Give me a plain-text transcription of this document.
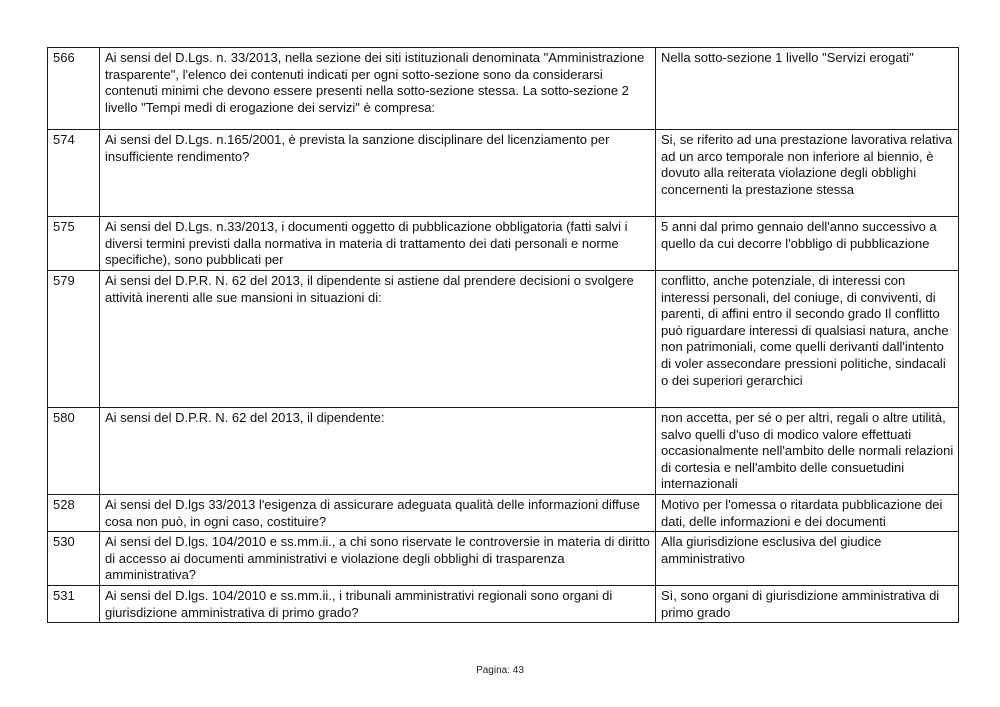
566	Ai sensi del D.Lgs. n. 33/2013, nella sezione dei siti istituzionali denominata "Amministrazione trasparente", l'elenco dei contenuti indicati per ogni sotto-sezione sono da considerarsi contenuti minimi che devono essere presenti nella sotto-sezione stessa. La sotto-sezione 2 livello "Tempi medi di erogazione dei servizi" è compresa:	Nella sotto-sezione 1 livello "Servizi erogati"
574	Ai sensi del D.Lgs. n.165/2001, è prevista la sanzione disciplinare del licenziamento per insufficiente rendimento?	Si, se riferito ad una prestazione lavorativa relativa ad un arco temporale non inferiore al biennio, è dovuto alla reiterata violazione degli obblighi concernenti la prestazione stessa
575	Ai sensi del D.Lgs. n.33/2013, i documenti oggetto di pubblicazione obbligatoria (fatti salvi i diversi termini previsti dalla normativa in materia di trattamento dei dati personali e norme specifiche), sono pubblicati per	5 anni dal primo gennaio dell'anno successivo a quello da cui decorre l'obbligo di pubblicazione
579	Ai sensi del D.P.R. N. 62 del 2013, il dipendente si astiene dal prendere decisioni o svolgere attività inerenti alle sue mansioni in situazioni di:	conflitto, anche potenziale, di interessi con interessi personali, del coniuge, di conviventi, di parenti, di affini entro il secondo grado Il conflitto può riguardare interessi di qualsiasi natura, anche non patrimoniali, come quelli derivanti dall'intento di voler assecondare pressioni politiche, sindacali o dei superiori gerarchici
580	Ai sensi del D.P.R. N. 62 del 2013, il dipendente:	non accetta, per sé o per altri, regali o altre utilità, salvo quelli d'uso di modico valore effettuati occasionalmente nell'ambito delle normali relazioni di cortesia e nell'ambito delle consuetudini internazionali
528	Ai sensi del D.lgs 33/2013 l'esigenza di assicurare adeguata qualità delle informazioni diffuse cosa non può, in ogni caso, costituire?	Motivo per l'omessa o ritardata pubblicazione dei dati, delle informazioni e dei documenti
530	Ai sensi del D.lgs. 104/2010 e ss.mm.ii., a chi sono riservate le controversie in materia di diritto di accesso ai documenti amministrativi e violazione degli obblighi di trasparenza amministrativa?	Alla giurisdizione esclusiva del giudice amministrativo
531	Ai sensi del D.lgs. 104/2010 e ss.mm.ii., i tribunali amministrativi regionali sono organi di giurisdizione amministrativa di primo grado?	Sì, sono organi di giurisdizione amministrativa di primo grado
Pagina: 43
